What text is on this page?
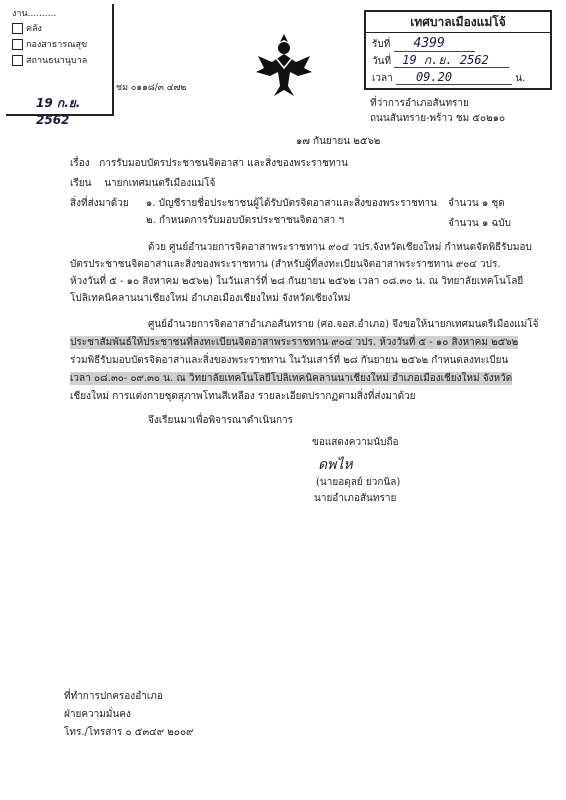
งาน..........
คลัง
กองสาธารณสุข
สถานธนานุบาล
19 ก.ย. 2562
ชม ๐๑๑๘/๓ ๔๗๒
เทศบาลเมืองแม่โจ้
รับที่ 4399
วันที่ 19 ก.ย. 2562
เวลา 09.20	น.
ที่ว่าการอำเภอสันทราย
ถนนสันทราย-พร้าว ชม ๕๐๒๑๐
๑๗ กันยายน ๒๕๖๒
เรื่อง การรับมอบบัตรประชาชนจิตอาสา และสิ่งของพระราชทาน
เรียน นายกเทศมนตรีเมืองแม่โจ้
สิ่งที่ส่งมาด้วย ๑. บัญชีรายชื่อประชาชนผู้ได้รับบัตรจิตอาสาและสิ่งของพระราชทาน จำนวน ๑ ชุด
๒. กำหนดการรับมอบบัตรประชาชนจิตอาสา ฯ	จำนวน ๑ ฉบับ
ด้วย ศูนย์อำนวยการจิตอาสาพระราชทาน ๙๐๔ วปร.จังหวัดเชียงใหม่ กำหนดจัดพิธีรับมอบ
บัตรประชาชนจิตอาสาและสิ่งของพระราชทาน (สำหรับผู้ที่ลงทะเบียนจิตอาสาพระราชทาน ๙๐๔ วปร.
ห้วงวันที่ ๕ - ๑๐ สิงหาคม ๒๕๖๒) ในวันเสาร์ที่ ๒๘ กันยายน ๒๕๖๒ เวลา ๐๘.๓๐ น. ณ วิทยาลัยเทคโนโลยี
โปลิเทคนิคลานนาเชียงใหม่ อำเภอเมืองเชียงใหม่ จังหวัดเชียงใหม่
ศูนย์อำนวยการจิตอาสาอำเภอสันทราย (ศอ.จอส.อำเภอ) จึงขอให้นายกเทศมนตรีเมืองแม่โจ้
ประชาสัมพันธ์ให้ประชาชนที่ลงทะเบียนจิตอาสาพระราชทาน ๙๐๔ วปร. ห้วงวันที่ ๕ - ๑๐ สิงหาคม ๒๕๖๒
ร่วมพิธีรับมอบบัตรจิตอาสาและสิ่งของพระราชทาน ในวันเสาร์ที่ ๒๘ กันยายน ๒๕๖๒ กำหนดลงทะเบียน
เวลา ๐๘.๓๐- ๐๙.๓๐ น. ณ วิทยาลัยเทคโนโลยีโปลิเทคนิคลานนาเชียงใหม่ อำเภอเมืองเชียงใหม่ จังหวัด
เชียงใหม่ การแต่งกายชุดสุภาพโทนสีเหลือง รายละเอียดปรากฏตามสิ่งที่ส่งมาด้วย
จึงเรียนมาเพื่อพิจารณาดำเนินการ
ขอแสดงความนับถือ
ดพไห
(นายอดุลย์ ยวกนิล)
นายอำเภอสันทราย
ที่ทำการปกครองอำเภอ
ฝ่ายความมั่นคง
โทร./โทรสาร ๐ ๕๓๔๙ ๒๐๐๙
